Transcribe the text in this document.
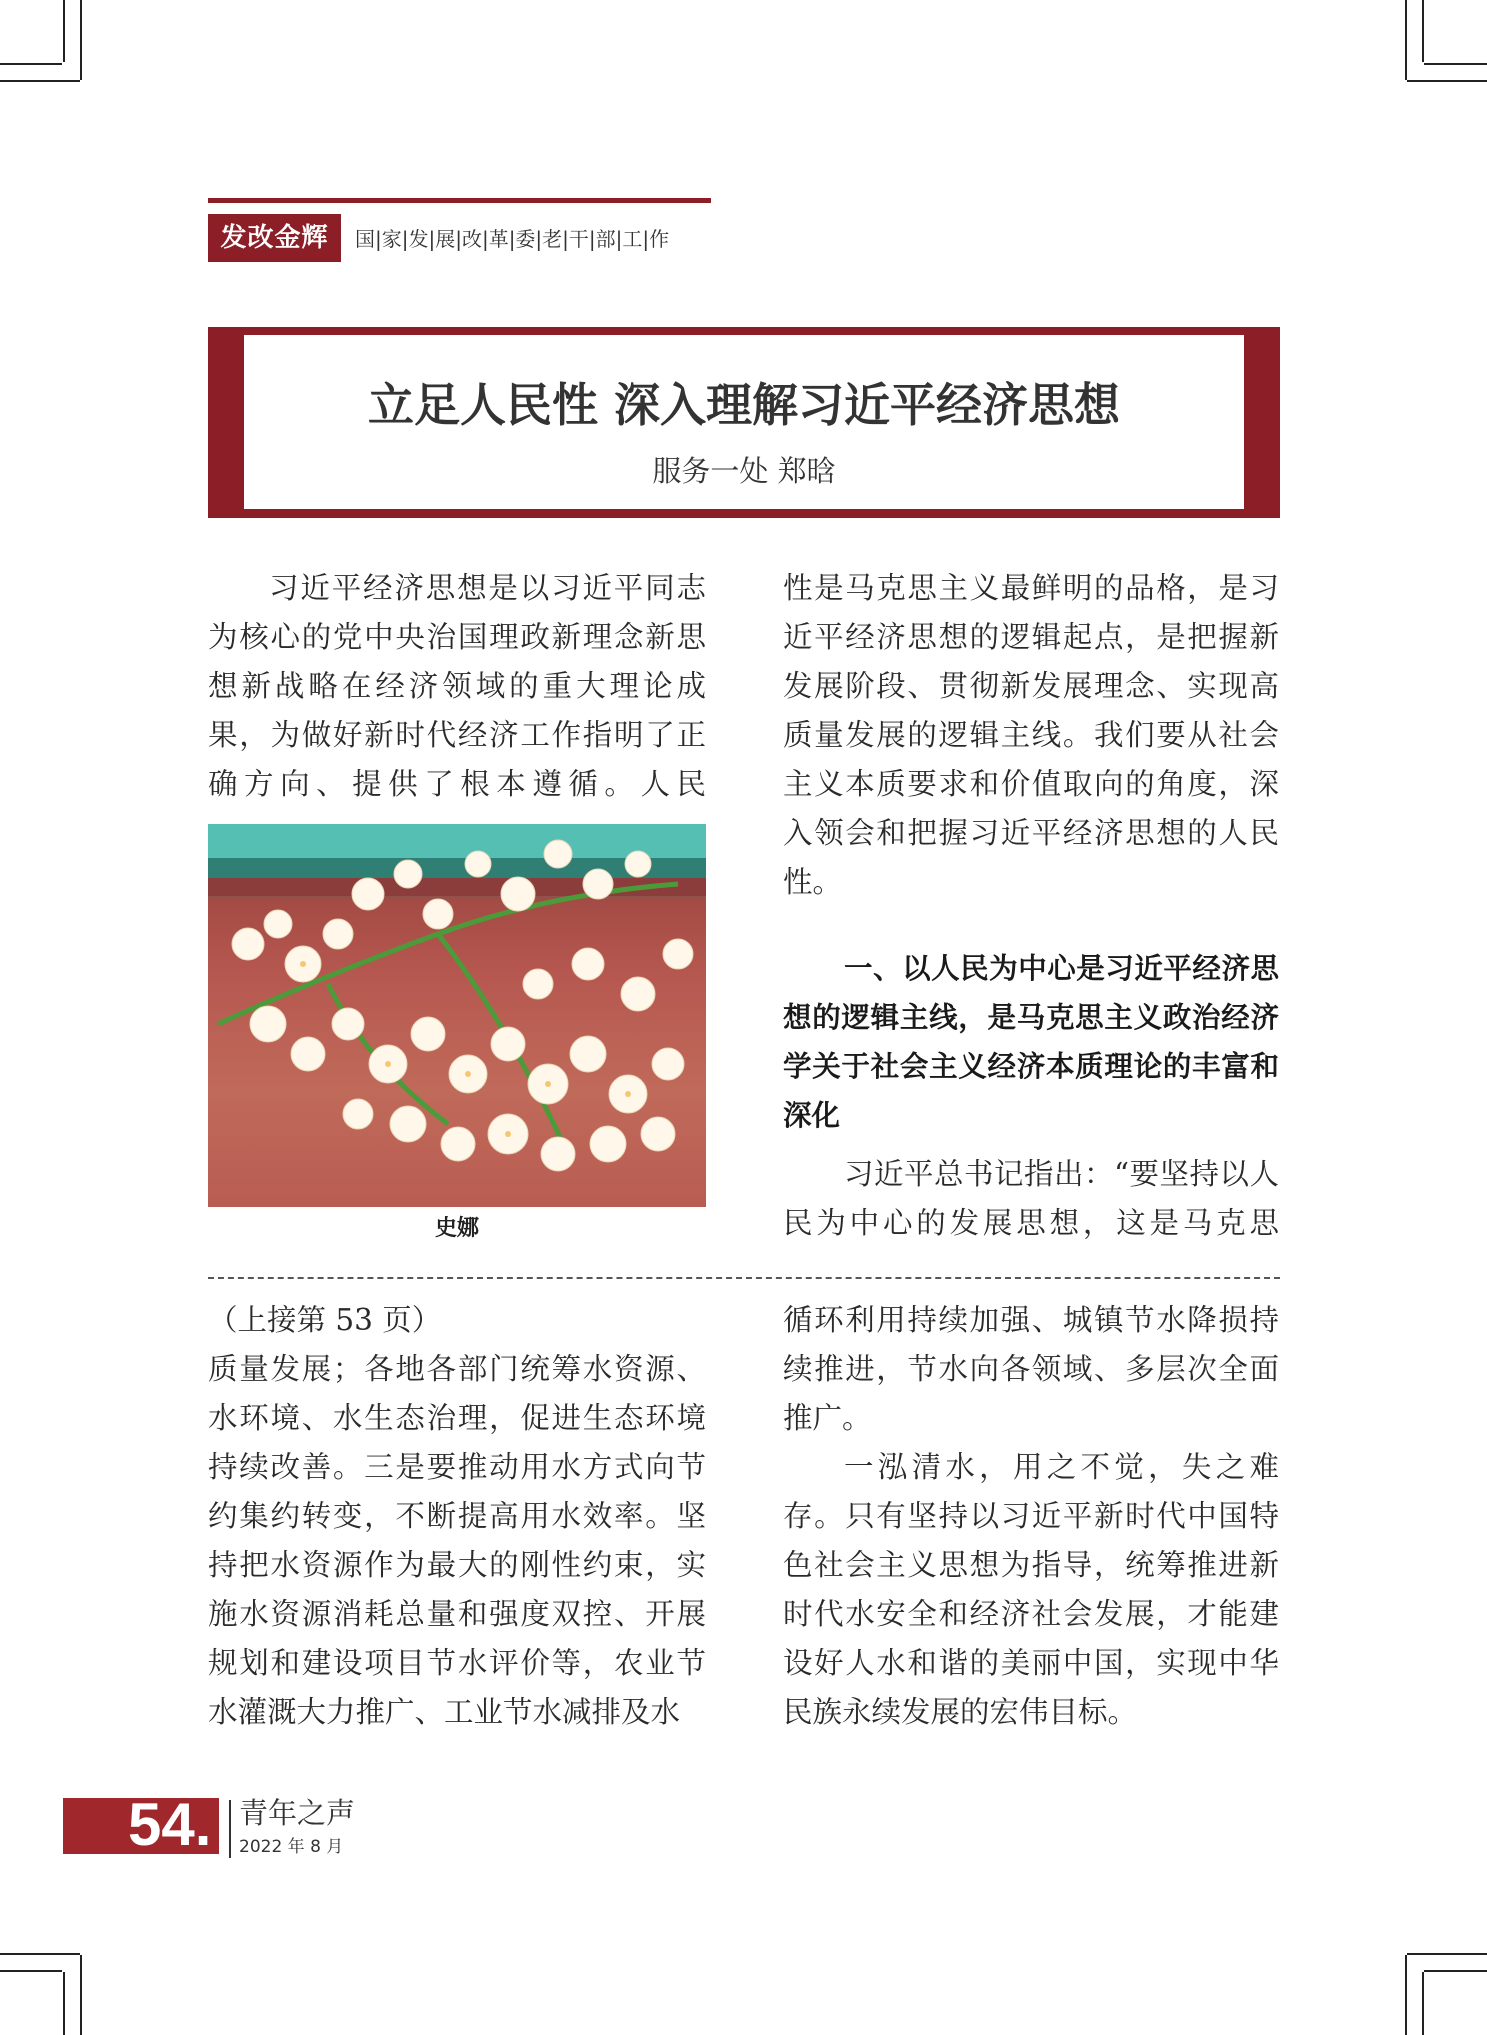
发改金辉	国|家|发|展|改|革|委|老|干|部|工|作
立足人民性 深入理解习近平经济思想
服务一处 郑晗

习近平经济思想是以习近平同志为核心的党中央治国理政新理念新思想新战略在经济领域的重大理论成果，为做好新时代经济工作指明了正确方向、提供了根本遵循。人民

史娜

性是马克思主义最鲜明的品格，是习近平经济思想的逻辑起点，是把握新发展阶段、贯彻新发展理念、实现高质量发展的逻辑主线。我们要从社会主义本质要求和价值取向的角度，深入领会和把握习近平经济思想的人民性。

一、以人民为中心是习近平经济思想的逻辑主线，是马克思主义政治经济学关于社会主义经济本质理论的丰富和深化

习近平总书记指出：“要坚持以人民为中心的发展思想，这是马克思

（上接第 53 页）

质量发展；各地各部门统筹水资源、水环境、水生态治理，促进生态环境持续改善。三是要推动用水方式向节约集约转变，不断提高用水效率。坚持把水资源作为最大的刚性约束，实施水资源消耗总量和强度双控、开展规划和建设项目节水评价等，农业节水灌溉大力推广、工业节水减排及水

循环利用持续加强、城镇节水降损持续推进，节水向各领域、多层次全面推广。

一泓清水，用之不觉，失之难存。只有坚持以习近平新时代中国特色社会主义思想为指导，统筹推进新时代水安全和经济社会发展，才能建设好人水和谐的美丽中国，实现中华民族永续发展的宏伟目标。

54. 青年之声
2022 年 8 月
